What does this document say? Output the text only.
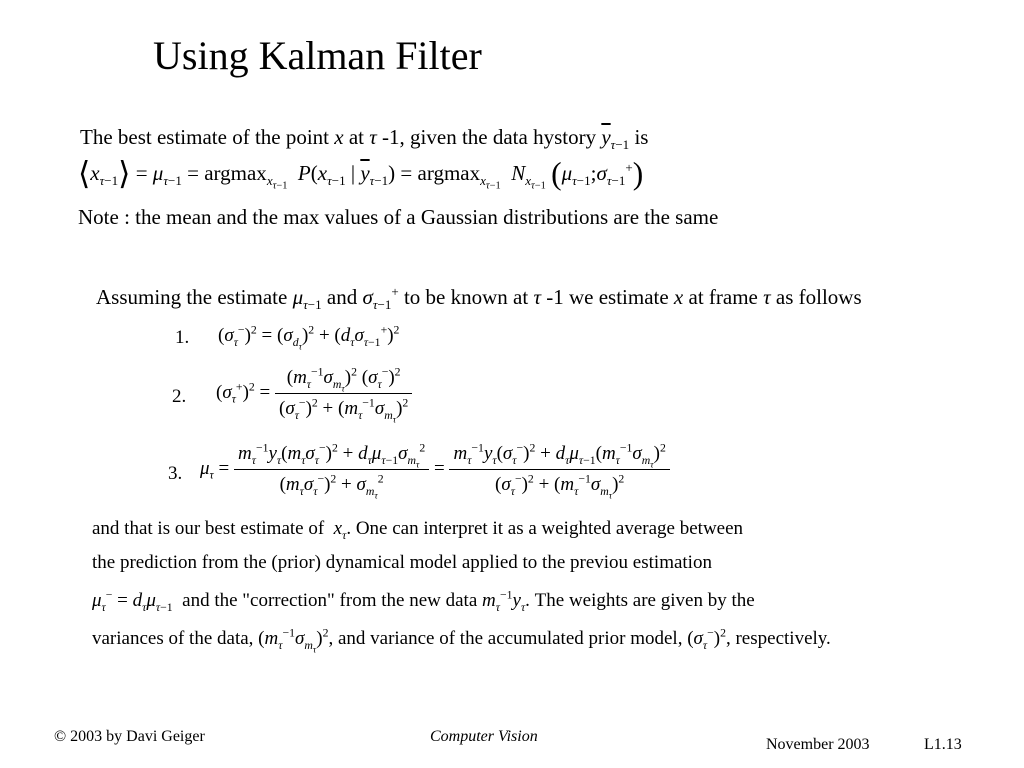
Using Kalman Filter
The best estimate of the point x at τ -1, given the data hystory $\overline{y}_{\tau-1}$ is
$⟨x_{\tau-1}⟩ = \mu_{\tau-1} = argmax_{x_{\tau-1}}$  $P(x_{\tau-1}$ | $\overline{y}_{\tau-1}) = argmax_{x_{\tau-1}}$  $N_{x_{\tau-1}}$ $(\mu_{\tau-1};\sigma_{\tau-1}^+)$
Note : the mean and the max values of a Gaussian distributions are the same
Assuming the estimate $\mu_{\tau-1}$ and $\sigma_{\tau-1}^+$ to be known at τ -1 we estimate x at frame τ as follows
1. $(\sigma_\tau^-)^2 = (\sigma_{d_\tau})^2 + (d_\tau\sigma_{\tau-1}^+)^2$
2. $(\sigma_\tau^+)^2 = \frac{(m_\tau^{-1}\sigma_{m_\tau})^2 (\sigma_\tau^-)^2}{(\sigma_\tau^-)^2 + (m_\tau^{-1}\sigma_{m_\tau})^2}$
3. $\mu_\tau = \frac{m_\tau^{-1}y_\tau(m_\tau\sigma_\tau^-)^2 + d_\tau\mu_{\tau-1}\sigma_{m_\tau}^2}{(m_\tau\sigma_\tau^-)^2 + \sigma_{m_\tau}^2} = \frac{m_\tau^{-1}y_\tau(\sigma_\tau^-)^2 + d_\tau\mu_{\tau-1}(m_\tau^{-1}\sigma_{m_\tau})^2}{(\sigma_\tau^-)^2 + (m_\tau^{-1}\sigma_{m_\tau})^2}$
and that is our best estimate of $x_\tau$. One can interpret it as a weighted average between
the prediction from the (prior) dynamical model applied to the previou estimation
$\mu_\tau^- = d_\tau\mu_{\tau-1}$ and the "correction" from the new data $m_\tau^{-1}y_\tau$. The weights are given by the
variances of the data, $(m_\tau^{-1}\sigma_{m_\tau})^2$, and variance of the accumulated prior model, $(\sigma_\tau^-)^2$, respectively.
© 2003 by Davi Geiger	Computer Vision	November 2003	L1.13
